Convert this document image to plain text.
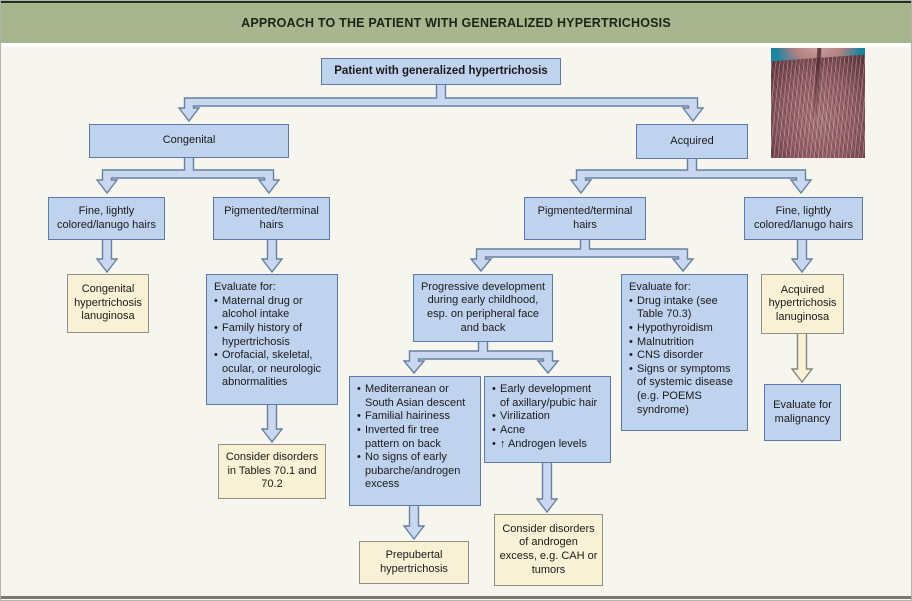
APPROACH TO THE PATIENT WITH GENERALIZED HYPERTRICHOSIS
Patient with generalized hypertrichosis
Congenital	Acquired
Fine, lightly colored/lanugo hairs
Pigmented/terminal hairs
Congenital hypertrichosis lanuginosa
Evaluate for:
• Maternal drug or alcohol intake
• Family history of hypertrichosis
• Orofacial, skeletal, ocular, or neurologic abnormalities
Consider disorders in Tables 70.1 and 70.2
Pigmented/terminal hairs
Fine, lightly colored/lanugo hairs
Progressive development during early childhood, esp. on peripheral face and back
Evaluate for:
• Drug intake (see Table 70.3)
• Hypothyroidism
• Malnutrition
• CNS disorder
• Signs or symptoms of systemic disease (e.g. POEMS syndrome)
Acquired hypertrichosis lanuginosa
Evaluate for malignancy
• Mediterranean or South Asian descent
• Familial hairiness
• Inverted fir tree pattern on back
• No signs of early pubarche/androgen excess
• Early development of axillary/pubic hair
• Virilization
• Acne
• ↑ Androgen levels
Prepubertal hypertrichosis
Consider disorders of androgen excess, e.g. CAH or tumors
